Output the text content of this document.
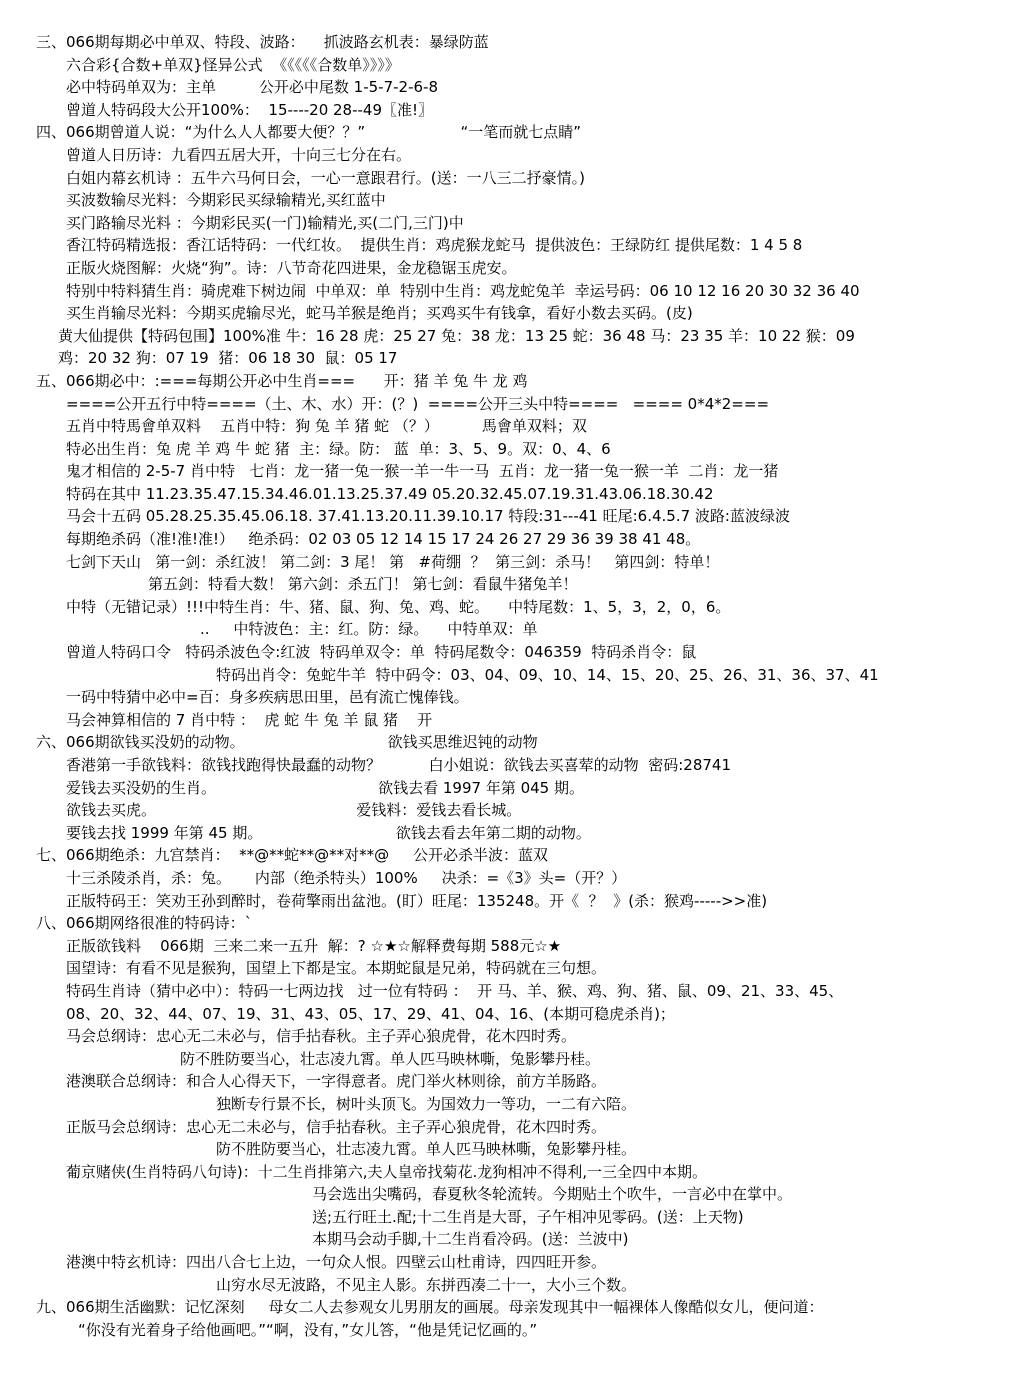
三、066期每期必中单双、特段、波路：    抓波路玄机表：暴绿防蓝
六合彩{合数+单双}怪异公式  《《《《《合数单》》》》
必中特码单双为：主单         公开必中尾数 1-5-7-2-6-8
曾道人特码段大公开100%：  15----20 28--49〖准!〗
四、066期曾道人说：“为什么人人都要大便？？”                    “一笔而就七点睛”
曾道人日历诗：九看四五居大开，十向三七分在右。
白姐内幕玄机诗 ：五牛六马何日会，一心一意跟君行。(送：一八三二抒豪情。)
买波数输尽光料：今期彩民买绿输精光,买红蓝中
买门路输尽光料 ：今期彩民买(一门)输精光,买(二门,三门)中
香江特码精选报：香江话特码：一代红妆。  提供生肖：鸡虎猴龙蛇马  提供波色：王绿防红 提供尾数：1 4 5 8
正版火烧图解：火烧“狗”。诗：八节奇花四进果，金龙稳锯玉虎安。
特别中特料猜生肖：骑虎难下树边闹  中单双：单  特别中生肖：鸡龙蛇兔羊  幸运号码：06 10 12 16 20 30 32 36 40
买生肖输尽光料：今期买虎输尽光，蛇马羊猴是绝肖；买鸡买牛有钱拿，看好小数去买码。(皮)
黄大仙提供【特码包围】100%准 牛：16 28 虎：25 27 兔：38 龙：13 25 蛇：36 48 马：23 35 羊：10 22 猴：09
鸡：20 32 狗：07 19  猪：06 18 30  鼠：05 17
五、066期必中：:===每期公开必中生肖===      开：猪 羊 兔 牛 龙 鸡
====公开五行中特====（土、木、水）开：(？)  ====公开三头中特====   ==== 0*4*2===
五肖中特馬會单双料    五肖中特：狗 兔 羊 猪 蛇 （？）         馬會单双料；双
特必出生肖：兔 虎 羊 鸡 牛 蛇 猪  主：绿。防： 蓝  单：3、5、9。双：0、4、6
鬼才相信的 2-5-7 肖中特   七肖：龙一猪一兔一猴一羊一牛一马  五肖：龙一猪一兔一猴一羊  二肖：龙一猪
特码在其中 11.23.35.47.15.34.46.01.13.25.37.49 05.20.32.45.07.19.31.43.06.18.30.42
马会十五码 05.28.25.35.45.06.18. 37.41.13.20.11.39.10.17 特段:31---41 旺尾:6.4.5.7 波路:蓝波绿波
每期绝杀码（准!准!准!）   绝杀码：02 03 05 12 14 15 17 24 26 27 29 36 39 38 41 48。
七剑下天山   第一剑：杀红波！ 第二剑：3 尾！ 第   #荷绷  ？  第三剑：杀马！   第四剑：特单！
第五剑：特看大数！ 第六剑：杀五门！ 第七剑：看鼠牛猪兔羊！
中特（无错记录）!!!中特生肖：牛、猪、鼠、狗、兔、鸡、蛇。    中特尾数：1、5，3，2，0，6。
..     中特波色：主：红。防：绿。    中特单双：单
曾道人特码口令   特码杀波色令:红波  特码单双令：单  特码尾数令：046359  特码杀肖令：鼠
特码出肖令：兔蛇牛羊  特中码令：03、04、09、10、14、15、20、25、26、31、36、37、41
一码中特猜中必中=百：身多疾病思田里，邑有流亡愧俸钱。
马会神算相信的 7 肖中特 ：  虎 蛇 牛 兔 羊 鼠 猪    开
六、066期欲钱买没奶的动物。                              欲钱买思维迟钝的动物
香港第一手欲钱料：欲钱找跑得快最蠢的动物？          白小姐说：欲钱去买喜荤的动物  密码:28741
爱钱去买没奶的生肖。                                  欲钱去看 1997 年第 045 期。
欲钱去买虎。                                          爱钱料：爱钱去看长城。
要钱去找 1999 年第 45 期。                            欲钱去看去年第二期的动物。
七、066期绝杀：九宫禁肖：  **@**蛇**@**对**@     公开必杀半波：蓝双
十三杀陵杀肖，杀：兔。     内部（绝杀特头）100%     决杀：=《3》头=（开？）
正版特码王：笑劝王孙到醉时，卷荷擎雨出盆池。(盯）旺尾：135248。开《  ？  》(杀：猴鸡----->>准)
八、066期网络很准的特码诗：`
正版欲钱料    066期  三来二来一五升  解：? ☆★☆解释费每期 588元☆★
国望诗：有看不见是猴狗，国望上下都是宝。本期蛇鼠是兄弟，特码就在三句想。
特码生肖诗（猜中必中）：特码一七两边找   过一位有特码 ：  开 马、羊、猴、鸡、狗、猪、鼠、09、21、33、45、
08、20、32、44、07、19、31、43、05、17、29、41、04、16、(本期可稳虎杀肖)；
马会总纲诗：忠心无二未必与，信手拈春秋。主子弄心狼虎骨，花木四时秀。
防不胜防要当心，壮志凌九霄。单人匹马映林嘶，兔影攀丹桂。
港澳联合总纲诗：和合人心得天下，一字得意者。虎门举火林则徐，前方羊肠路。
独断专行景不长，树叶头顶飞。为国效力一等功，一二有六陪。
正版马会总纲诗：忠心无二未必与，信手拈春秋。主子弄心狼虎骨，花木四时秀。
防不胜防要当心，壮志凌九霄。单人匹马映林嘶，兔影攀丹桂。
葡京赌侠(生肖特码八句诗)：十二生肖排第六,夫人皇帝找菊花.龙狗相冲不得利,一三全四中本期。
马会选出尖嘴码，春夏秋冬轮流转。今期贴土个吹牛，一言必中在掌中。
送;五行旺土.配;十二生肖是大哥，子午相冲见零码。(送：上天物)
本期马会动手脚,十二生肖看冷码。(送：兰波中)
港澳中特玄机诗：四出八合七上边，一句众人恨。四壁云山杜甫诗，四四旺开参。
山穷水尽无波路，不见主人影。东拼西凑二十一，大小三个数。
九、066期生活幽默：记忆深刻     母女二人去参观女儿男朋友的画展。母亲发现其中一幅裸体人像酷似女儿，便问道：
“你没有光着身子给他画吧。”“啊，没有，”女儿答，“他是凭记忆画的。”
